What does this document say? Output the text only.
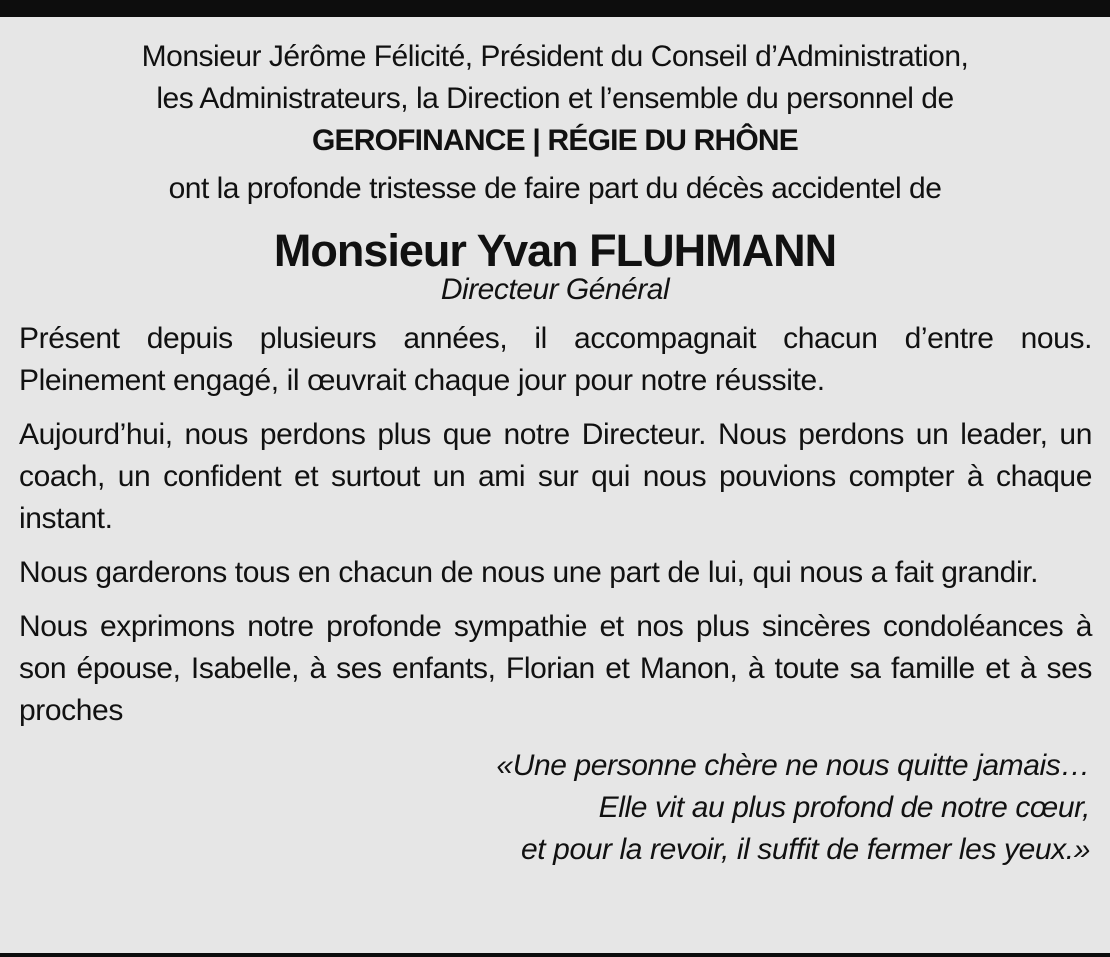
Monsieur Jérôme Félicité, Président du Conseil d’Administration,
les Administrateurs, la Direction et l’ensemble du personnel de
GEROFINANCE | RÉGIE DU RHÔNE
ont la profonde tristesse de faire part du décès accidentel de
Monsieur Yvan FLUHMANN
Directeur Général

Présent depuis plusieurs années, il accompagnait chacun d’entre nous. Pleinement engagé, il œuvrait chaque jour pour notre réussite.

Aujourd’hui, nous perdons plus que notre Directeur. Nous perdons un leader, un coach, un confident et surtout un ami sur qui nous pouvions compter à chaque instant.

Nous garderons tous en chacun de nous une part de lui, qui nous a fait grandir.

Nous exprimons notre profonde sympathie et nos plus sincères condoléances à son épouse, Isabelle, à ses enfants, Florian et Manon, à toute sa famille et à ses proches

«Une personne chère ne nous quitte jamais…
Elle vit au plus profond de notre cœur,
et pour la revoir, il suffit de fermer les yeux.»
